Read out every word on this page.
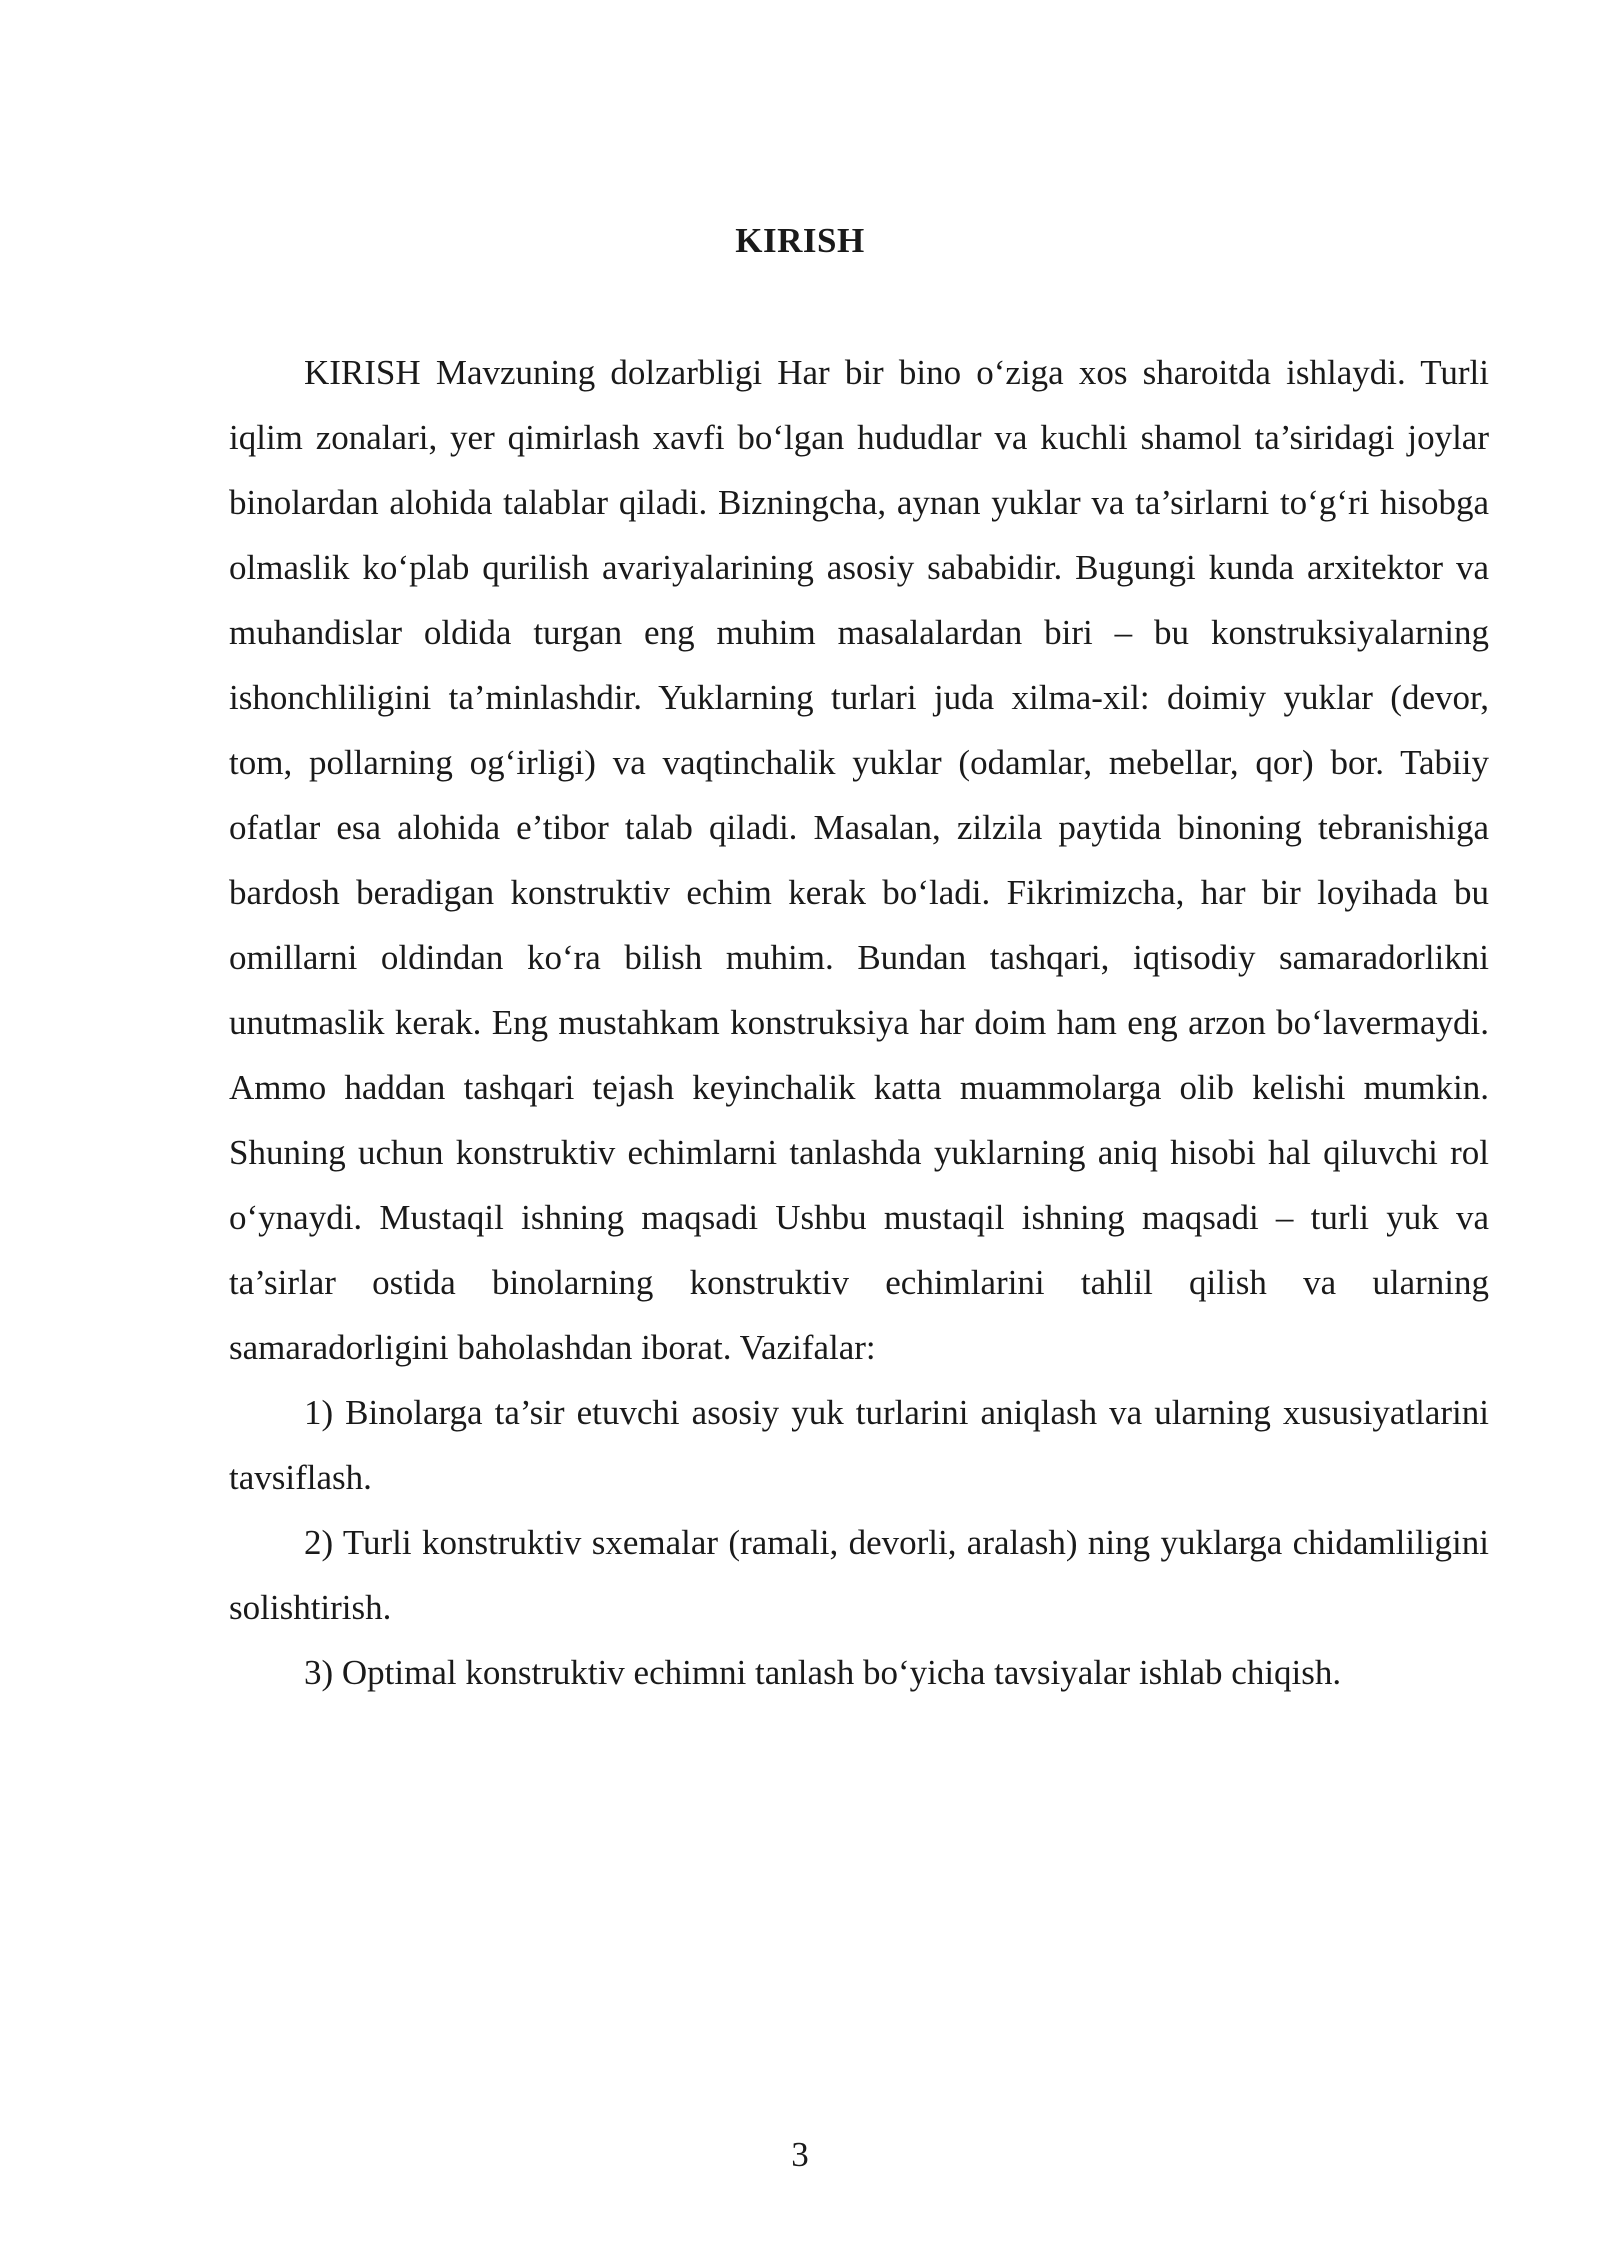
KIRISH

KIRISH Mavzuning dolzarbligi Har bir bino o‘ziga xos sharoitda ishlaydi. Turli iqlim zonalari, yer qimirlash xavfi bo‘lgan hududlar va kuchli shamol ta’siridagi joylar binolardan alohida talablar qiladi. Bizningcha, aynan yuklar va ta’sirlarni to‘g‘ri hisobga olmaslik ko‘plab qurilish avariyalarining asosiy sababidir. Bugungi kunda arxitektor va muhandislar oldida turgan eng muhim masalalardan biri – bu konstruksiyalarning ishonchliligini ta’minlashdir. Yuklarning turlari juda xilma-xil: doimiy yuklar (devor, tom, pollarning og‘irligi) va vaqtinchalik yuklar (odamlar, mebellar, qor) bor. Tabiiy ofatlar esa alohida e’tibor talab qiladi. Masalan, zilzila paytida binoning tebranishiga bardosh beradigan konstruktiv echim kerak bo‘ladi. Fikrimizcha, har bir loyihada bu omillarni oldindan ko‘ra bilish muhim. Bundan tashqari, iqtisodiy samaradorlikni unutmaslik kerak. Eng mustahkam konstruksiya har doim ham eng arzon bo‘lavermaydi. Ammo haddan tashqari tejash keyinchalik katta muammolarga olib kelishi mumkin. Shuning uchun konstruktiv echimlarni tanlashda yuklarning aniq hisobi hal qiluvchi rol o‘ynaydi. Mustaqil ishning maqsadi Ushbu mustaqil ishning maqsadi – turli yuk va ta’sirlar ostida binolarning konstruktiv echimlarini tahlil qilish va ularning samaradorligini baholashdan iborat. Vazifalar:

1) Binolarga ta’sir etuvchi asosiy yuk turlarini aniqlash va ularning xususiyatlarini tavsiflash.

2) Turli konstruktiv sxemalar (ramali, devorli, aralash) ning yuklarga chidamliligini solishtirish.

3) Optimal konstruktiv echimni tanlash bo‘yicha tavsiyalar ishlab chiqish.

3
